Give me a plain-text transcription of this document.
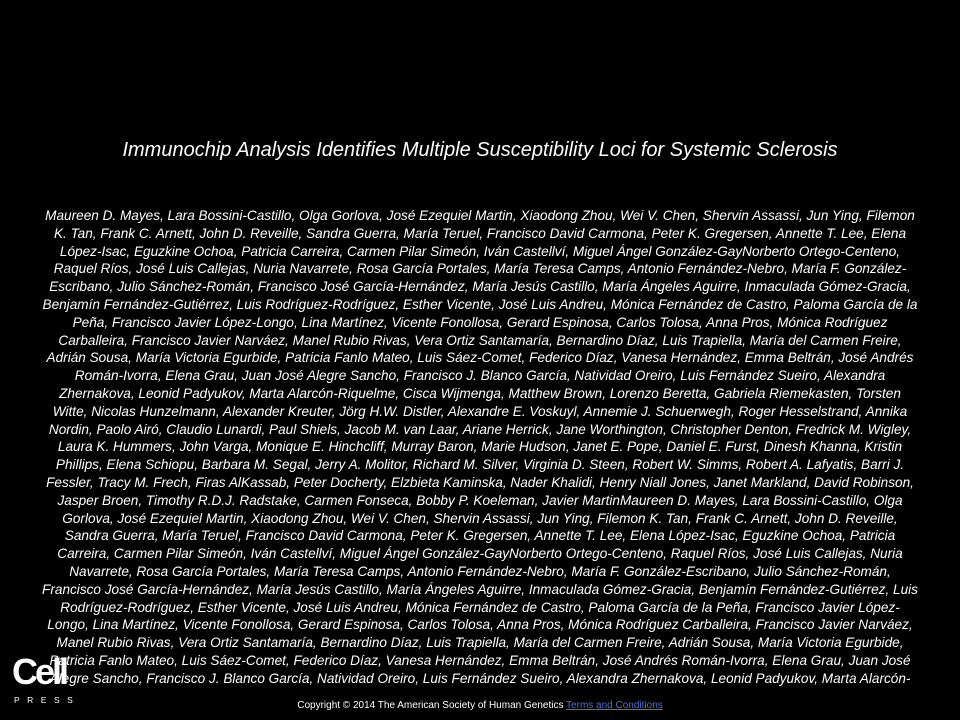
Immunochip Analysis Identifies Multiple Susceptibility Loci for Systemic Sclerosis

Maureen D. Mayes, Lara Bossini-Castillo, Olga Gorlova, José Ezequiel Martin, Xiaodong Zhou, Wei V. Chen, Shervin Assassi, Jun Ying, Filemon K. Tan, Frank C. Arnett, John D. Reveille, Sandra Guerra, María Teruel, Francisco David Carmona, Peter K. Gregersen, Annette T. Lee, Elena López-Isac, Eguzkine Ochoa, Patricia Carreira, Carmen Pilar Simeón, Iván Castellví, Miguel Ángel González-GayNorberto Ortego-Centeno, Raquel Ríos, José Luis Callejas, Nuria Navarrete, Rosa García Portales, María Teresa Camps, Antonio Fernández-Nebro, María F. González-Escribano, Julio Sánchez-Román, Francisco José García-Hernández, María Jesús Castillo, María Ángeles Aguirre, Inmaculada Gómez-Gracia, Benjamín Fernández-Gutiérrez, Luis Rodríguez-Rodríguez, Esther Vicente, José Luis Andreu, Mónica Fernández de Castro, Paloma García de la Peña, Francisco Javier López-Longo, Lina Martínez, Vicente Fonollosa, Gerard Espinosa, Carlos Tolosa, Anna Pros, Mónica Rodríguez Carballeira, Francisco Javier Narváez, Manel Rubio Rivas, Vera Ortiz Santamaría, Bernardino Díaz, Luis Trapiella, María del Carmen Freire, Adrián Sousa, María Victoria Egurbide, Patricia Fanlo Mateo, Luis Sáez-Comet, Federico Díaz, Vanesa Hernández, Emma Beltrán, José Andrés Román-Ivorra, Elena Grau, Juan José Alegre Sancho, Francisco J. Blanco García, Natividad Oreiro, Luis Fernández Sueiro, Alexandra Zhernakova, Leonid Padyukov, Marta Alarcón-Riquelme, Cisca Wijmenga, Matthew Brown, Lorenzo Beretta, Gabriela Riemekasten, Torsten Witte, Nicolas Hunzelmann, Alexander Kreuter, Jörg H.W. Distler, Alexandre E. Voskuyl, Annemie J. Schuerwegh, Roger Hesselstrand, Annika Nordin, Paolo Airó, Claudio Lunardi, Paul Shiels, Jacob M. van Laar, Ariane Herrick, Jane Worthington, Christopher Denton, Fredrick M. Wigley, Laura K. Hummers, John Varga, Monique E. Hinchcliff, Murray Baron, Marie Hudson, Janet E. Pope, Daniel E. Furst, Dinesh Khanna, Kristin Phillips, Elena Schiopu, Barbara M. Segal, Jerry A. Molitor, Richard M. Silver, Virginia D. Steen, Robert W. Simms, Robert A. Lafyatis, Barri J. Fessler, Tracy M. Frech, Firas AlKassab, Peter Docherty, Elzbieta Kaminska, Nader Khalidi, Henry Niall Jones, Janet Markland, David Robinson, Jasper Broen, Timothy R.D.J. Radstake, Carmen Fonseca, Bobby P. Koeleman, Javier MartinMaureen D. Mayes, Lara Bossini-Castillo, Olga Gorlova, José Ezequiel Martin, Xiaodong Zhou, Wei V. Chen, Shervin Assassi, Jun Ying, Filemon K. Tan, Frank C. Arnett, John D. Reveille, Sandra Guerra, María Teruel, Francisco David Carmona, Peter K. Gregersen, Annette T. Lee, Elena López-Isac, Eguzkine Ochoa, Patricia Carreira, Carmen Pilar Simeón, Iván Castellví, Miguel Ángel González-GayNorberto Ortego-Centeno, Raquel Ríos, José Luis Callejas, Nuria Navarrete, Rosa García Portales, María Teresa Camps, Antonio Fernández-Nebro, María F. González-Escribano, Julio Sánchez-Román, Francisco José García-Hernández, María Jesús Castillo, María Ángeles Aguirre, Inmaculada Gómez-Gracia, Benjamín Fernández-Gutiérrez, Luis Rodríguez-Rodríguez, Esther Vicente, José Luis Andreu, Mónica Fernández de Castro, Paloma García de la Peña, Francisco Javier López-Longo, Lina Martínez, Vicente Fonollosa, Gerard Espinosa, Carlos Tolosa, Anna Pros, Mónica Rodríguez Carballeira, Francisco Javier Narváez, Manel Rubio Rivas, Vera Ortiz Santamaría, Bernardino Díaz, Luis Trapiella, María del Carmen Freire, Adrián Sousa, María Victoria Egurbide, Patricia Fanlo Mateo, Luis Sáez-Comet, Federico Díaz, Vanesa Hernández, Emma Beltrán, José Andrés Román-Ivorra, Elena Grau, Juan José Alegre Sancho, Francisco J. Blanco García, Natividad Oreiro, Luis Fernández Sueiro, Alexandra Zhernakova, Leonid Padyukov, Marta Alarcón-

Cell
PRESS	Copyright © 2014 The American Society of Human Genetics Terms and Conditions
